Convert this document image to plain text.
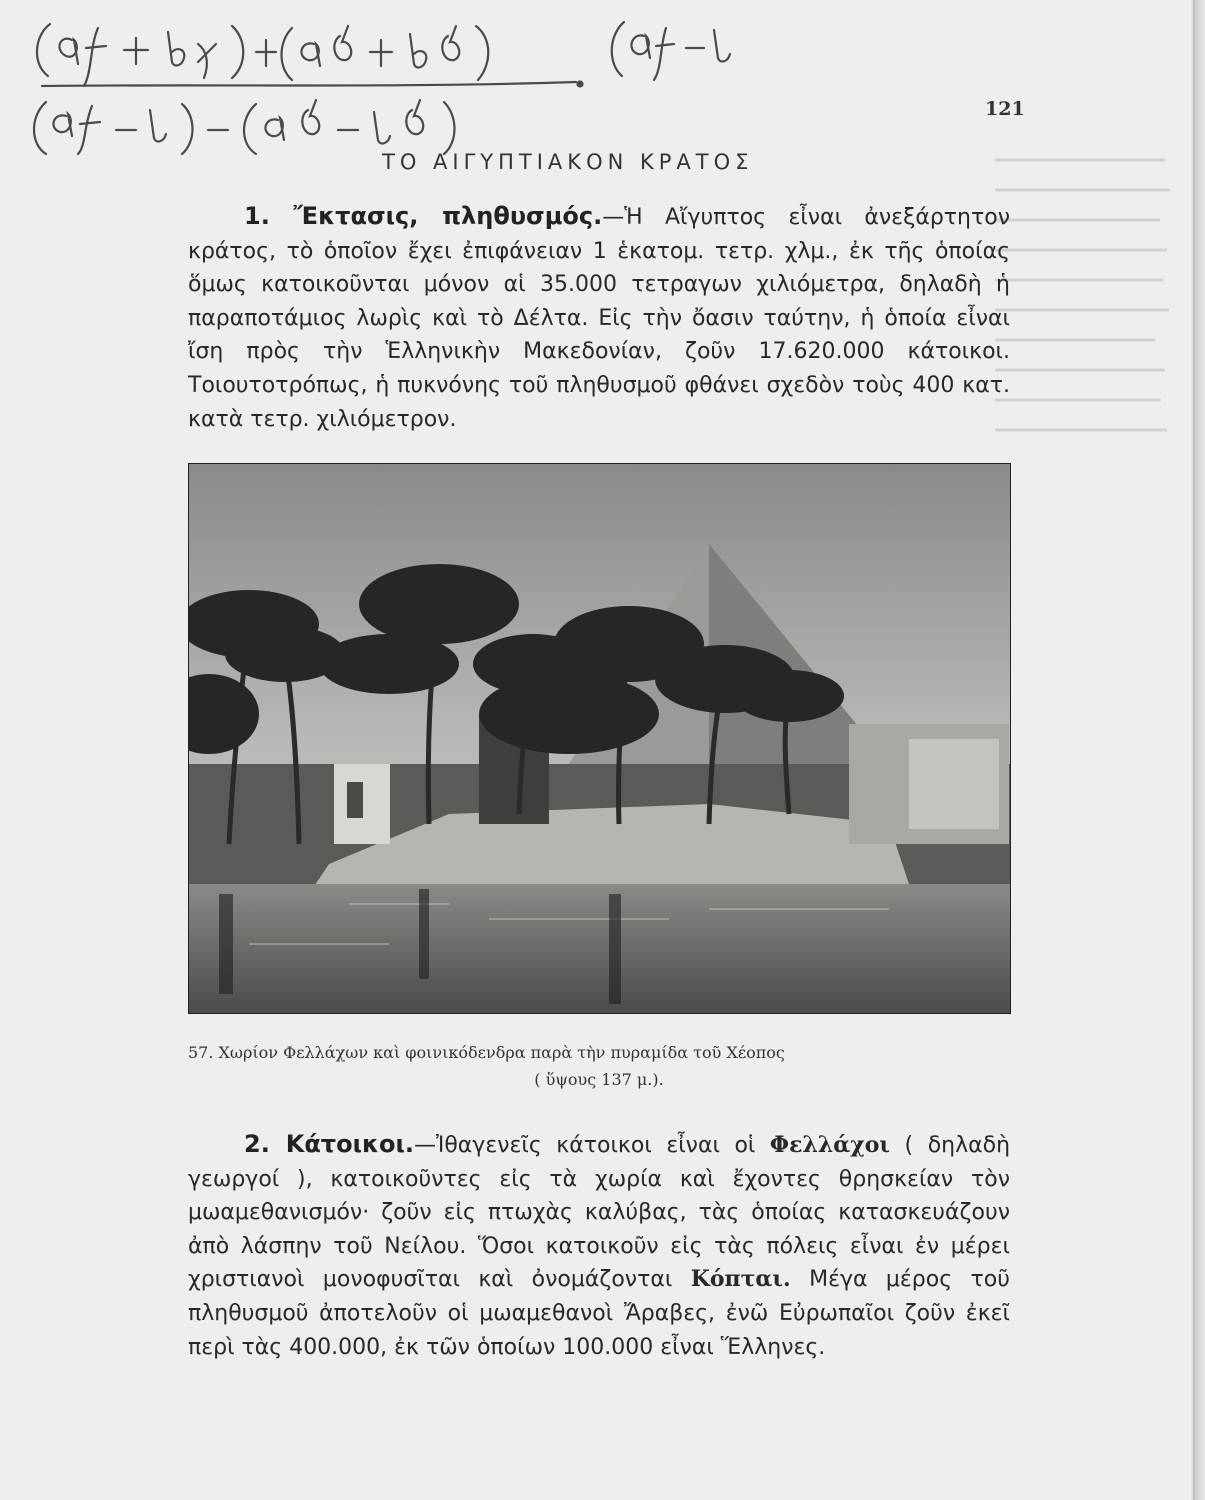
121
ΤΟ ΑΙΓΥΠΤΙΑΚΟΝ ΚΡΑΤΟΣ
1. Ἔκτασις, πληθυσμός.—Ἡ Αἴγυπτος εἶναι ἀνεξάρτητον κράτος, τὸ ὁποῖον ἔχει ἐπιφάνειαν 1 ἑκατομ. τετρ. χλμ., ἐκ τῆς ὁποίας ὅμως κατοικοῦνται μόνον αἱ 35.000 τετραγων χιλιόμετρα, δηλαδὴ ἡ παραποτάμιος λωρὶς καὶ τὸ Δέλτα. Εἰς τὴν ὄασιν ταύτην, ἡ ὁποία εἶναι ἴση πρὸς τὴν Ἑλληνικὴν Μακεδονίαν, ζοῦν 17.620.000 κάτοικοι. Τοιουτοτρόπως, ἡ πυκνόνης τοῦ πληθυσμοῦ φθάνει σχεδὸν τοὺς 400 κατ. κατὰ τετρ. χιλιόμετρον.
57. Χωρίον Φελλάχων καὶ φοινικόδενδρα παρὰ τὴν πυραμίδα τοῦ Χέοπος
( ὕψους 137 μ.).
2. Κάτοικοι.—Ἰθαγενεῖς κάτοικοι εἶναι οἱ Φελλάχοι ( δηλαδὴ γεωργοί ), κατοικοῦντες εἰς τὰ χωρία καὶ ἔχοντες θρησκείαν τὸν μωαμεθανισμόν· ζοῦν εἰς πτωχὰς καλύβας, τὰς ὁποίας κατασκευάζουν ἀπὸ λάσπην τοῦ Νείλου. Ὅσοι κατοικοῦν εἰς τὰς πόλεις εἶναι ἐν μέρει χριστιανοὶ μονοφυσῖται καὶ ὀνομάζονται Κόπται. Μέγα μέρος τοῦ πληθυσμοῦ ἀποτελοῦν οἱ μωαμεθανοὶ Ἄραβες, ἐνῶ Εὐρωπαῖοι ζοῦν ἐκεῖ περὶ τὰς 400.000, ἐκ τῶν ὁποίων 100.000 εἶναι Ἕλληνες.
